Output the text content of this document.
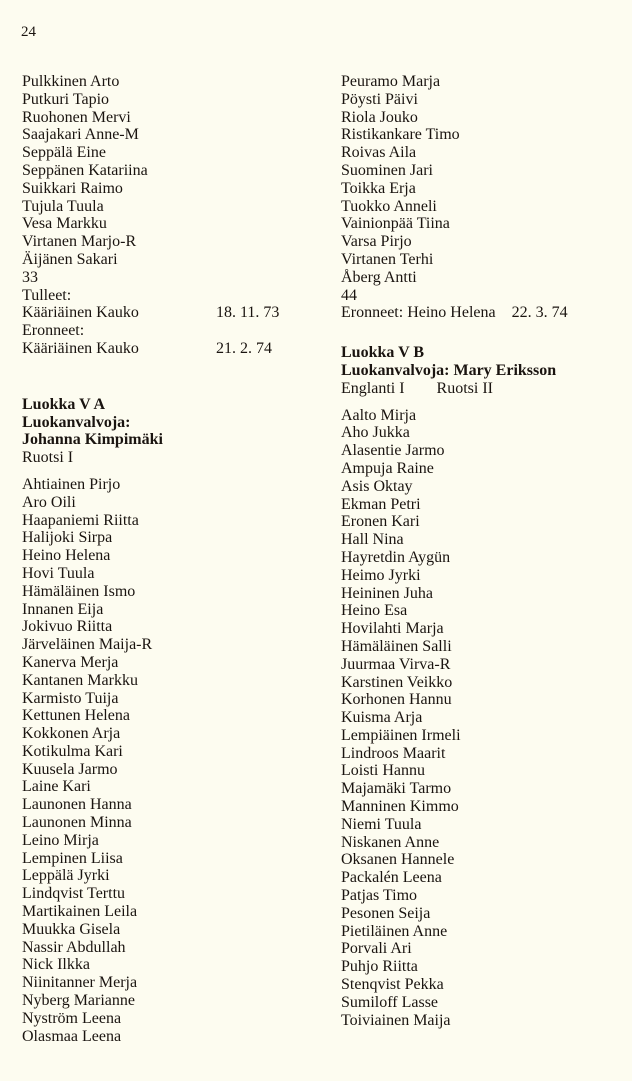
24
Pulkkinen Arto
Putkuri Tapio
Ruohonen Mervi
Saajakari Anne-M
Seppälä Eine
Seppänen Katariina
Suikkari Raimo
Tujula Tuula
Vesa Markku
Virtanen Marjo-R
Äijänen Sakari
33
Tulleet:
Kääriäinen Kauko	18. 11. 73
Eronneet:
Kääriäinen Kauko	21. 2. 74
Luokka V A
Luokanvalvoja:
Johanna Kimpimäki
Ruotsi I
Ahtiainen Pirjo
Aro Oili
Haapaniemi Riitta
Halijoki Sirpa
Heino Helena
Hovi Tuula
Hämäläinen Ismo
Innanen Eija
Jokivuo Riitta
Järveläinen Maija-R
Kanerva Merja
Kantanen Markku
Karmisto Tuija
Kettunen Helena
Kokkonen Arja
Kotikulma Kari
Kuusela Jarmo
Laine Kari
Launonen Hanna
Launonen Minna
Leino Mirja
Lempinen Liisa
Leppälä Jyrki
Lindqvist Terttu
Martikainen Leila
Muukka Gisela
Nassir Abdullah
Nick Ilkka
Niinitanner Merja
Nyberg Marianne
Nyström Leena
Olasmaa Leena
Peuramo Marja
Pöysti Päivi
Riola Jouko
Ristikankare Timo
Roivas Aila
Suominen Jari
Toikka Erja
Tuokko Anneli
Vainionpää Tiina
Varsa Pirjo
Virtanen Terhi
Åberg Antti
44
Eronneet: Heino Helena 22. 3. 74
Luokka V B
Luokanvalvoja: Mary Eriksson
Englanti I Ruotsi II
Aalto Mirja
Aho Jukka
Alasentie Jarmo
Ampuja Raine
Asis Oktay
Ekman Petri
Eronen Kari
Hall Nina
Hayretdin Aygün
Heimo Jyrki
Heininen Juha
Heino Esa
Hovilahti Marja
Hämäläinen Salli
Juurmaa Virva-R
Karstinen Veikko
Korhonen Hannu
Kuisma Arja
Lempiäinen Irmeli
Lindroos Maarit
Loisti Hannu
Majamäki Tarmo
Manninen Kimmo
Niemi Tuula
Niskanen Anne
Oksanen Hannele
Packalén Leena
Patjas Timo
Pesonen Seija
Pietiläinen Anne
Porvali Ari
Puhjo Riitta
Stenqvist Pekka
Sumiloff Lasse
Toiviainen Maija
